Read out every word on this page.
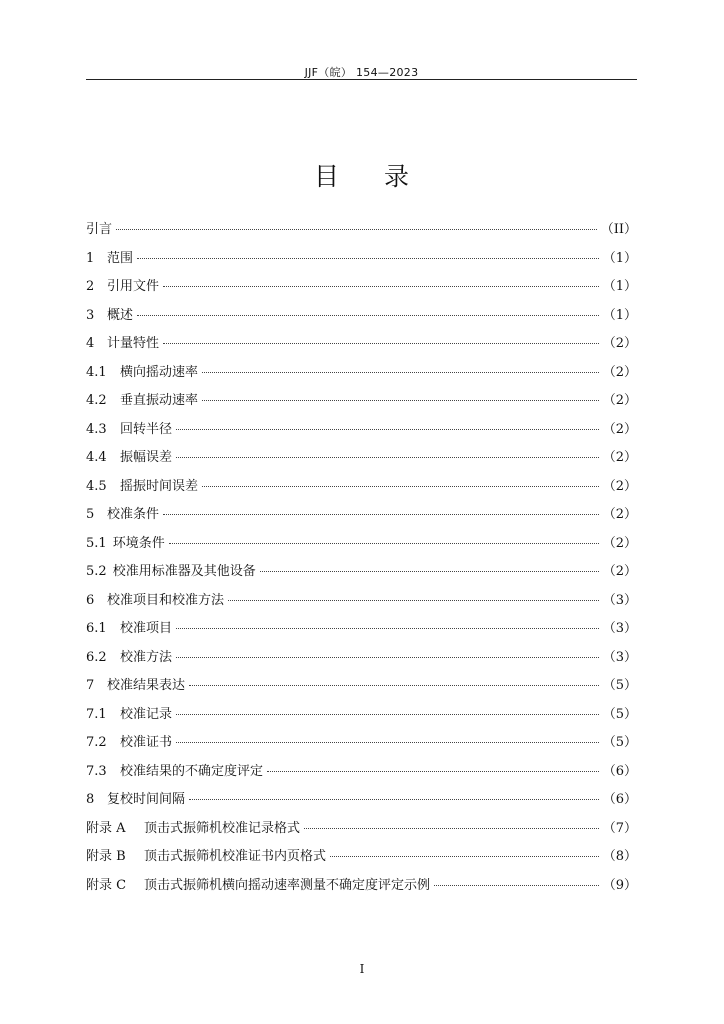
JJF（皖） 154—2023
目 录
引言	（II）
1 范围	（1）
2 引用文件	（1）
3 概述	（1）
4 计量特性	（2）
4.1	横向摇动速率	（2）
4.2	垂直振动速率	（2）
4.3	回转半径	（2）
4.4	振幅误差	（2）
4.5	摇振时间误差	（2）
5 校准条件	（2）
5.1 环境条件	（2）
5.2 校准用标准器及其他设备	（2）
6 校准项目和校准方法	（3）
6.1	校准项目	（3）
6.2	校准方法	（3）
7 校准结果表达	（5）
7.1	校准记录	（5）
7.2	校准证书	（5）
7.3	校准结果的不确定度评定	（6）
8 复校时间间隔	（6）
附录 A	顶击式振筛机校准记录格式	（7）
附录 B	顶击式振筛机校准证书内页格式	（8）
附录 C	顶击式振筛机横向摇动速率测量不确定度评定示例	（9）
I
